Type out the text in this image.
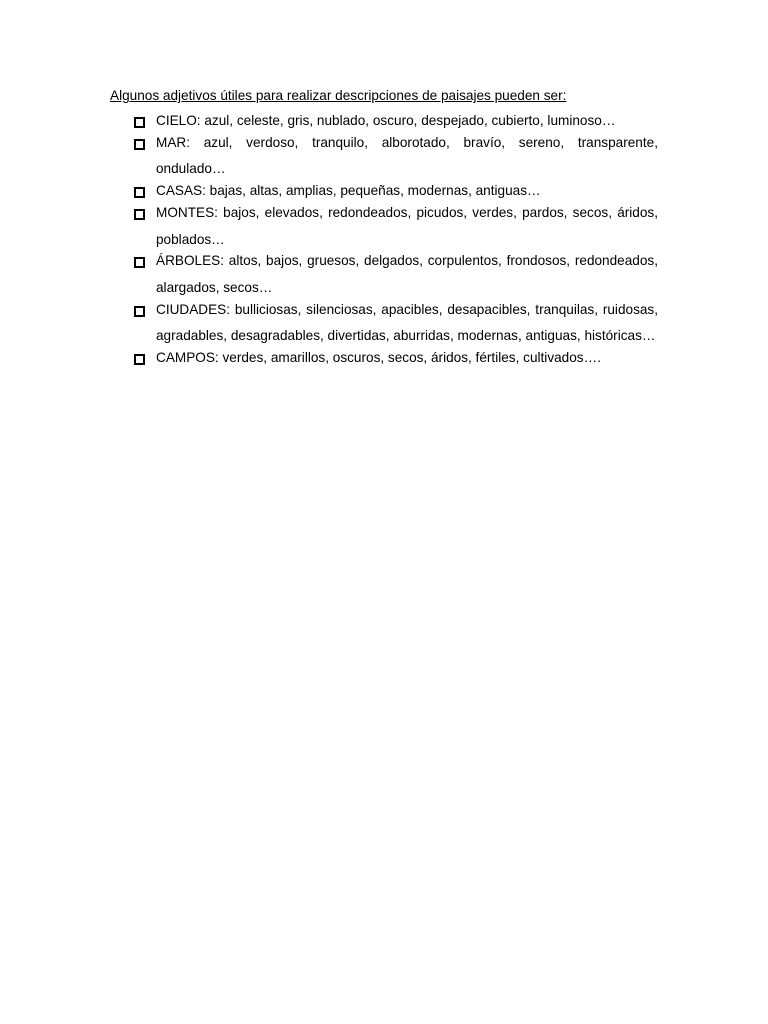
Algunos adjetivos útiles para realizar descripciones de paisajes pueden ser:
CIELO: azul, celeste, gris, nublado, oscuro, despejado, cubierto, luminoso…
MAR: azul, verdoso, tranquilo, alborotado, bravío, sereno, transparente, ondulado…
CASAS: bajas, altas, amplias, pequeñas, modernas, antiguas…
MONTES: bajos, elevados, redondeados, picudos, verdes, pardos, secos, áridos, poblados…
ÁRBOLES: altos, bajos, gruesos, delgados, corpulentos, frondosos, redondeados, alargados, secos…
CIUDADES: bulliciosas, silenciosas, apacibles, desapacibles, tranquilas, ruidosas, agradables, desagradables, divertidas, aburridas, modernas, antiguas, históricas…
CAMPOS: verdes, amarillos, oscuros, secos, áridos, fértiles, cultivados….
